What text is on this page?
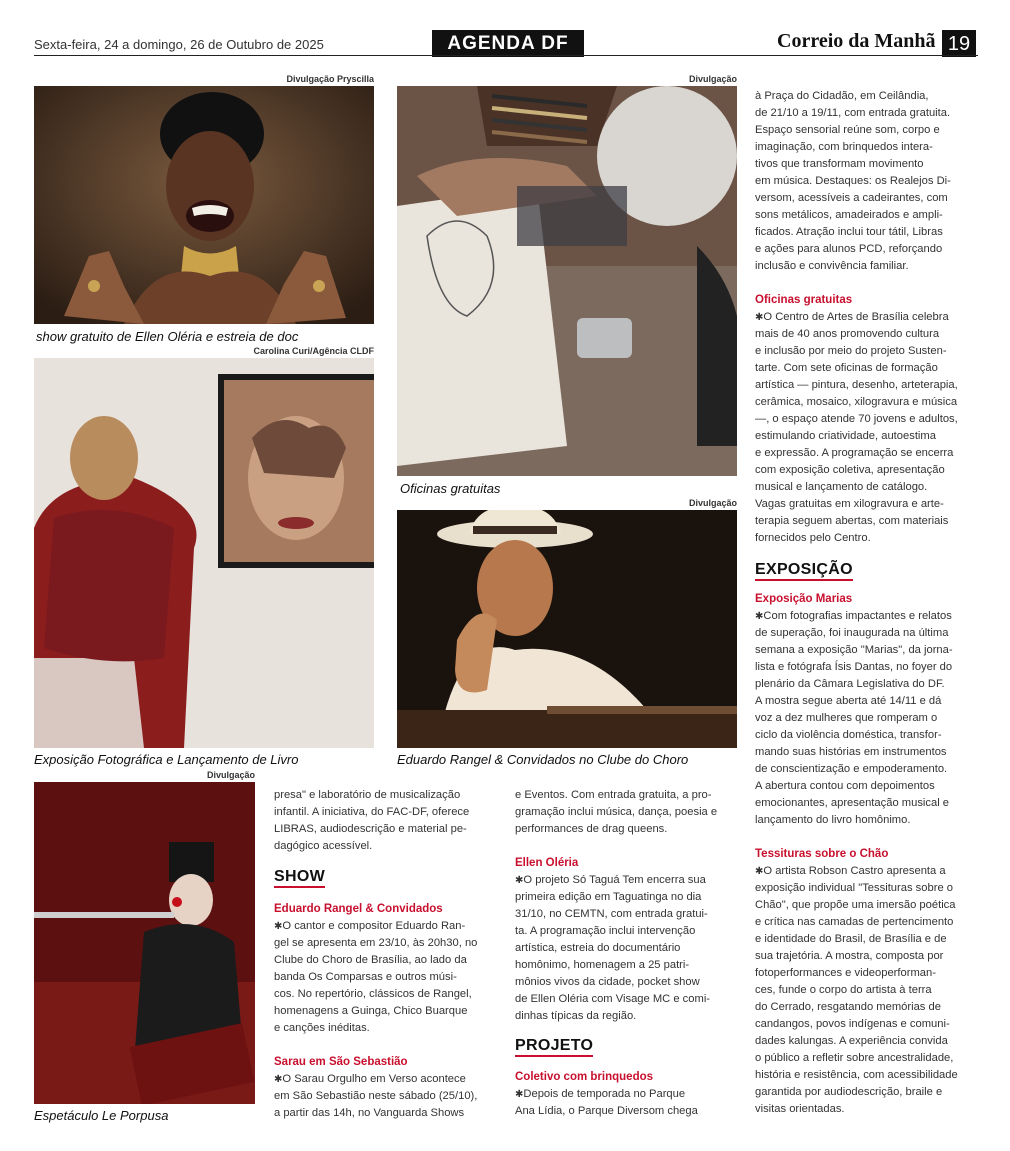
Sexta-feira, 24 a domingo, 26 de Outubro de 2025	AGENDA DF	Correio da Manhã 19
Divulgação Pryscilla
show gratuito de Ellen Oléria e estreia de doc
Carolina Curi/Agência CLDF
Exposição Fotográfica e Lançamento de Livro
Divulgação
Oficinas gratuitas
Divulgação
Eduardo Rangel & Convidados no Clube do Choro
Divulgação
Espetáculo Le Porpusa

presa" e laboratório de musicalização

infantil. A iniciativa, do FAC-DF, oferece

LIBRAS, audiodescrição e material pe-

dagógico acessível.

SHOW

Eduardo Rangel & Convidados

✱O cantor e compositor Eduardo Ran-

gel se apresenta em 23/10, às 20h30, no

Clube do Choro de Brasília, ao lado da

banda Os Comparsas e outros músi-

cos. No repertório, clássicos de Rangel,

homenagens a Guinga, Chico Buarque

e canções inéditas.

Sarau em São Sebastião

✱O Sarau Orgulho em Verso acontece

em São Sebastião neste sábado (25/10),

a partir das 14h, no Vanguarda Shows

e Eventos. Com entrada gratuita, a pro-

gramação inclui música, dança, poesia e

performances de drag queens.

Ellen Oléria

✱O projeto Só Taguá Tem encerra sua

primeira edição em Taguatinga no dia

31/10, no CEMTN, com entrada gratui-

ta. A programação inclui intervenção

artística, estreia do documentário

homônimo, homenagem a 25 patri-

mônios vivos da cidade, pocket show

de Ellen Oléria com Visage MC e comi-

dinhas típicas da região.

PROJETO

Coletivo com brinquedos

✱Depois de temporada no Parque

Ana Lídia, o Parque Diversom chega

à Praça do Cidadão, em Ceilândia,

de 21/10 a 19/11, com entrada gratuita.

Espaço sensorial reúne som, corpo e

imaginação, com brinquedos intera-

tivos que transformam movimento

em música. Destaques: os Realejos Di-

versom, acessíveis a cadeirantes, com

sons metálicos, amadeirados e ampli-

ficados. Atração inclui tour tátil, Libras

e ações para alunos PCD, reforçando

inclusão e convivência familiar.

Oficinas gratuitas

✱O Centro de Artes de Brasília celebra

mais de 40 anos promovendo cultura

e inclusão por meio do projeto Susten-

tarte. Com sete oficinas de formação

artística — pintura, desenho, arteterapia,

cerâmica, mosaico, xilogravura e música

—, o espaço atende 70 jovens e adultos,

estimulando criatividade, autoestima

e expressão. A programação se encerra

com exposição coletiva, apresentação

musical e lançamento de catálogo.

Vagas gratuitas em xilogravura e arte-

terapia seguem abertas, com materiais

fornecidos pelo Centro.

EXPOSIÇÃO

Exposição Marias

✱Com fotografias impactantes e relatos

de superação, foi inaugurada na última

semana a exposição "Marias", da jorna-

lista e fotógrafa Ísis Dantas, no foyer do

plenário da Câmara Legislativa do DF.

A mostra segue aberta até 14/11 e dá

voz a dez mulheres que romperam o

ciclo da violência doméstica, transfor-

mando suas histórias em instrumentos

de conscientização e empoderamento.

A abertura contou com depoimentos

emocionantes, apresentação musical e

lançamento do livro homônimo.

Tessituras sobre o Chão

✱O artista Robson Castro apresenta a

exposição individual "Tessituras sobre o

Chão", que propõe uma imersão poética

e crítica nas camadas de pertencimento

e identidade do Brasil, de Brasília e de

sua trajetória. A mostra, composta por

fotoperformances e videoperforman-

ces, funde o corpo do artista à terra

do Cerrado, resgatando memórias de

candangos, povos indígenas e comuni-

dades kalungas. A experiência convida

o público a refletir sobre ancestralidade,

história e resistência, com acessibilidade

garantida por audiodescrição, braile e

visitas orientadas.
